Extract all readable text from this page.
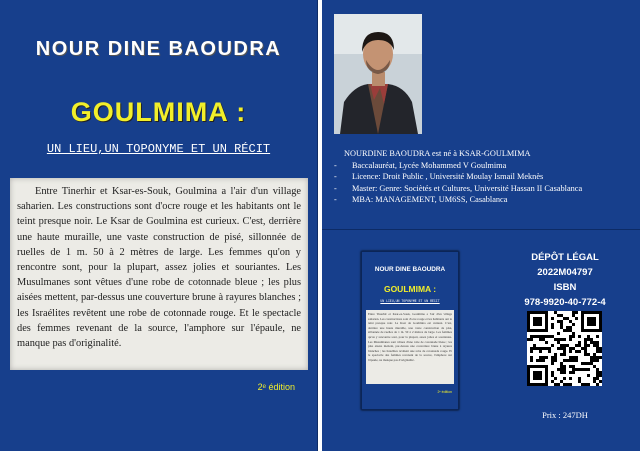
NOUR DINE BAOUDRA
GOULMIMA :
UN LIEU,UN TOPONYME ET UN RÉCIT
Entre Tinerhir et Ksar-es-Souk, Goulmina a l'air d'un village saharien. Les constructions sont d'ocre rouge et les habitants ont le teint presque noir. Le Ksar de Goulmina est curieux. C'est, derrière une haute muraille, une vaste construction de pisé, sillonnée de ruelles de 1 m. 50 à 2 mètres de large. Les femmes qu'on y rencontre sont, pour la plupart, assez jolies et souriantes. Les Musulmanes sont vêtues d'une robe de cotonnade bleue ; les plus aisées mettent, par-dessus une couverture brune à rayures blanches ; les Israélites revêtent une robe de cotonnade rouge. Et le spectacle des femmes revenant de la source, l'amphore sur l'épaule, ne manque pas d'originalité.
2ᵉ édition
NOURDINE BAOUDRA est né à KSAR-GOULMIMA
-	Baccalauréat, Lycée Mohammed V Goulmima
-	Licence: Droit Public , Université Moulay Ismail Meknès
-	Master: Genre: Sociètés et Cultures, Université Hassan II Casablanca
-	MBA: MANAGEMENT, UM6SS, Casablanca
NOUR DINE BAOUDRA
GOULMIMA :
UN LIEU,UN TOPONYME ET UN RÉCIT
Entre Tinerhir et Ksar-es-Souk, Goulmina a l'air d'un village saharien. Les constructions sont d'ocre rouge et les habitants ont le teint presque noir. Le Ksar de Goulmina est curieux. C'est, derrière une haute muraille, une vaste construction de pisé, sillonnée de ruelles de 1 m. 50 à 2 mètres de large. Les femmes qu'on y rencontre sont, pour la plupart, assez jolies et souriantes. Les Musulmanes sont vêtues d'une robe de cotonnade bleue ; les plus aisées mettent, par-dessus une couverture brune à rayures blanches ; les Israélites revêtent une robe de cotonnade rouge. Et le spectacle des femmes revenant de la source, l'amphore sur l'épaule, ne manque pas d'originalité.
2ᵉ édition
DÉPÔT LÉGAL
2022M04797
ISBN
978-9920-40-772-4
Prix : 247DH
